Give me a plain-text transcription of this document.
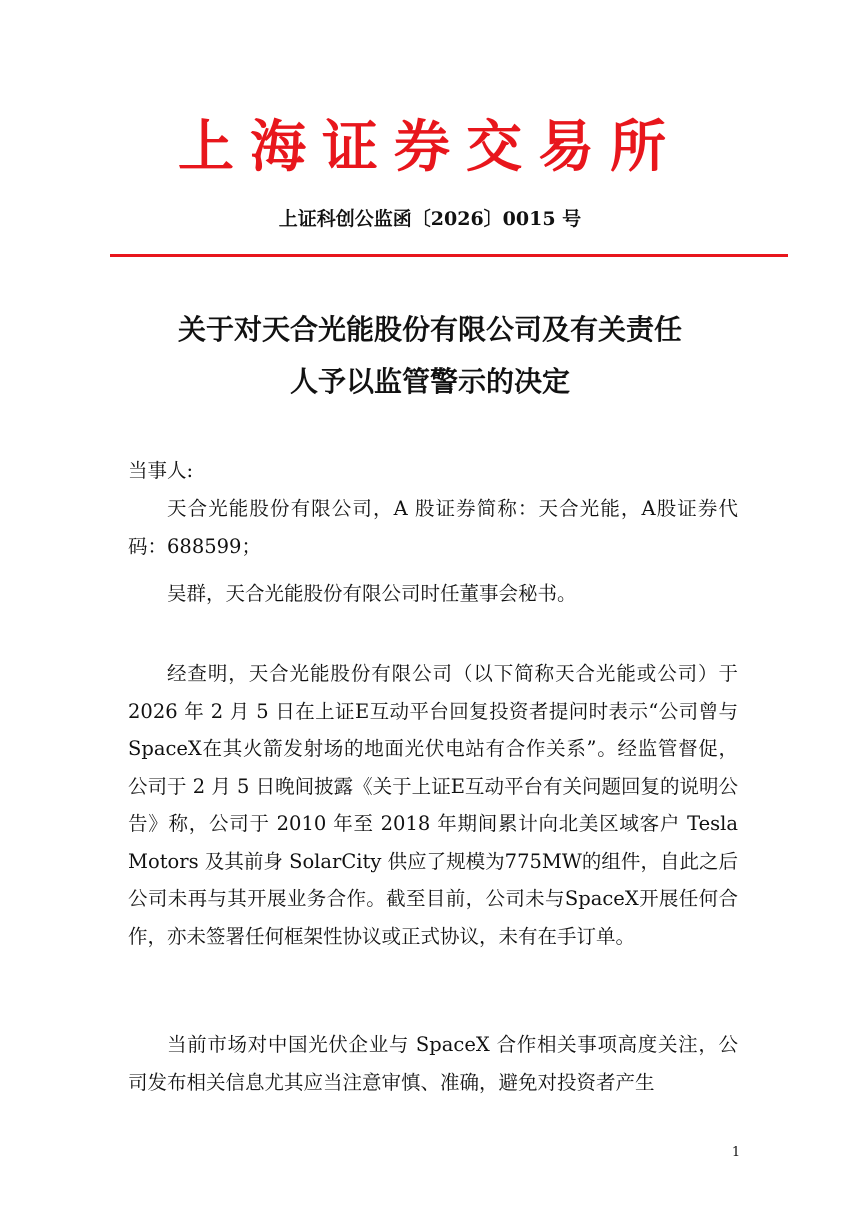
上海证券交易所
上证科创公监函〔2026〕0015 号
关于对天合光能股份有限公司及有关责任
人予以监管警示的决定
当事人:
天合光能股份有限公司，A 股证券简称：天合光能，A股证券代码：688599；
吴群，天合光能股份有限公司时任董事会秘书。
经查明，天合光能股份有限公司（以下简称天合光能或公司）于 2026 年 2 月 5 日在上证E互动平台回复投资者提问时表示“公司曾与SpaceX在其火箭发射场的地面光伏电站有合作关系”。经监管督促，公司于 2 月 5 日晚间披露《关于上证E互动平台有关问题回复的说明公告》称，公司于 2010 年至 2018 年期间累计向北美区域客户 Tesla Motors 及其前身 SolarCity 供应了规模为775MW的组件，自此之后公司未再与其开展业务合作。截至目前，公司未与SpaceX开展任何合作，亦未签署任何框架性协议或正式协议，未有在手订单。
当前市场对中国光伏企业与 SpaceX 合作相关事项高度关注，公司发布相关信息尤其应当注意审慎、准确，避免对投资者产生
1
